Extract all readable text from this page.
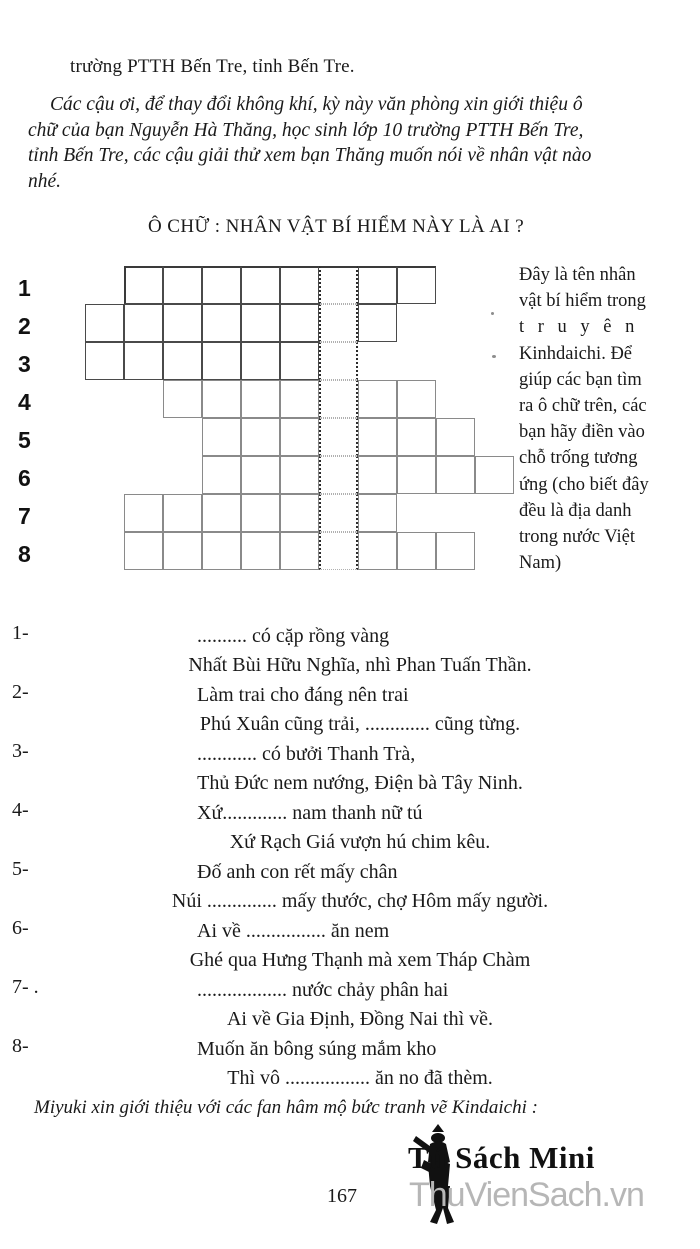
trường PTTH Bến Tre, tỉnh Bến Tre.
Các cậu ơi, để thay đổi không khí, kỳ này văn phòng xin giới thiệu ô
chữ của bạn Nguyễn Hà Thăng, học sinh lớp 10 trường PTTH Bến Tre,
tỉnh Bến Tre, các cậu giải thử xem bạn Thăng muốn nói về nhân vật nào
nhé.
Ô CHỮ : NHÂN VẬT BÍ HIỂM NÀY LÀ AI ?
1
2
3
4
5
6
7
8
Đây là tên nhân
vật bí hiểm trong
t r u y ê n
Kinhdaichi. Để
giúp các bạn tìm
ra ô chữ trên, các
bạn hãy điền vào
chỗ trống tương
ứng (cho biết đây
đều là địa danh
trong nước Việt
Nam)
1-	.......... có cặp rồng vàng
Nhất Bùi Hữu Nghĩa, nhì Phan Tuấn Thần.
2-	Làm trai cho đáng nên trai
Phú Xuân cũng trải, ............. cũng từng.
3-	............ có bưởi Thanh Trà,
Thủ Đức nem nướng, Điện bà Tây Ninh.
4-	Xứ............. nam thanh nữ tú
Xứ Rạch Giá vượn hú chim kêu.
5-	Đố anh con rết mấy chân
Núi .............. mấy thước, chợ Hôm mấy người.
6-	Ai về ................ ăn nem
Ghé qua Hưng Thạnh mà xem Tháp Chàm
7- .	.................. nước chảy phân hai
Ai về Gia Định, Đồng Nai thì về.
8-	Muốn ăn bông súng mắm kho
Thì vô ................. ăn no đã thèm.
Miyuki xin giới thiệu với các fan hâm mộ bức tranh vẽ Kindaichi :
167
Tủ Sách Mini
ThuVienSach.vn
